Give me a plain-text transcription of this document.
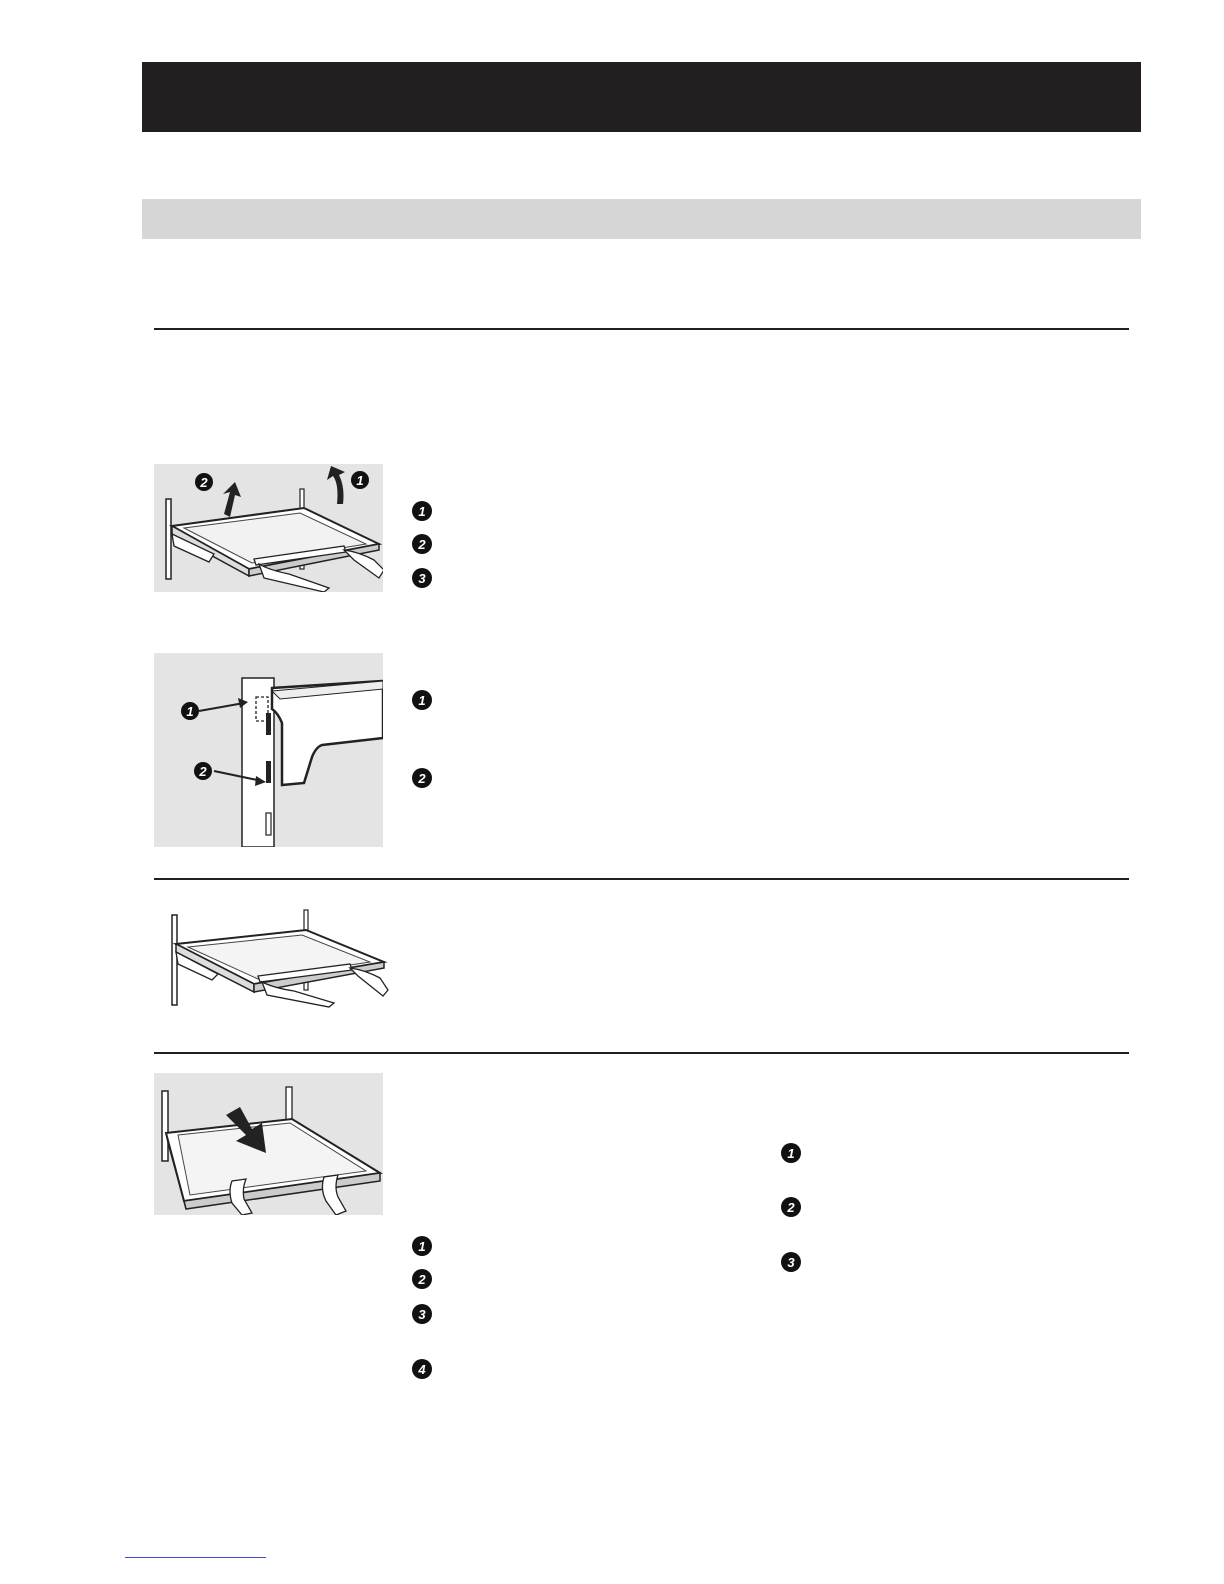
2	1
1
2
3
1
2
1
2
1
2
3
4
1
2
3
